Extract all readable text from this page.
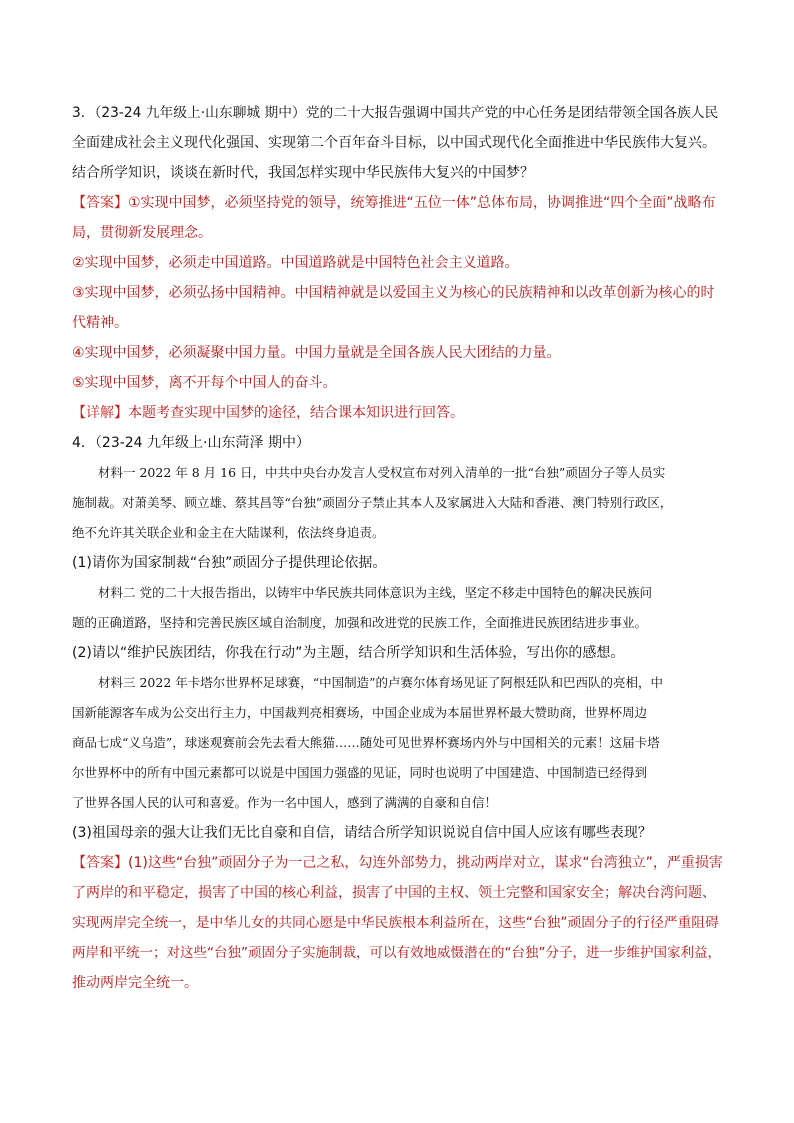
3．（23-24 九年级上·山东聊城 期中）党的二十大报告强调中国共产党的中心任务是团结带领全国各族人民

全面建成社会主义现代化强国、实现第二个百年奋斗目标，以中国式现代化全面推进中华民族伟大复兴。

结合所学知识，谈谈在新时代，我国怎样实现中华民族伟大复兴的中国梦？

【答案】①实现中国梦，必须坚持党的领导，统筹推进“五位一体”总体布局，协调推进“四个全面”战略布

局，贯彻新发展理念。

②实现中国梦，必须走中国道路。中国道路就是中国特色社会主义道路。

③实现中国梦，必须弘扬中国精神。中国精神就是以爱国主义为核心的民族精神和以改革创新为核心的时

代精神。

④实现中国梦，必须凝聚中国力量。中国力量就是全国各族人民大团结的力量。

⑤实现中国梦，离不开每个中国人的奋斗。

【详解】本题考查实现中国梦的途径，结合课本知识进行回答。

4．（23-24 九年级上·山东菏泽 期中）

材料一 2022 年 8 月 16 日，中共中央台办发言人受权宣布对列入清单的一批“台独”顽固分子等人员实

施制裁。对萧美琴、顾立雄、蔡其昌等“台独”顽固分子禁止其本人及家属进入大陆和香港、澳门特别行政区，

绝不允许其关联企业和金主在大陆谋利，依法终身追责。

(1)请你为国家制裁“台独”顽固分子提供理论依据。

材料二 党的二十大报告指出，以铸牢中华民族共同体意识为主线，坚定不移走中国特色的解决民族问

题的正确道路，坚持和完善民族区域自治制度，加强和改进党的民族工作，全面推进民族团结进步事业。

(2)请以“维护民族团结，你我在行动”为主题，结合所学知识和生活体验，写出你的感想。

材料三 2022 年卡塔尔世界杯足球赛，“中国制造”的卢赛尔体育场见证了阿根廷队和巴西队的亮相，中

国新能源客车成为公交出行主力，中国裁判亮相赛场，中国企业成为本届世界杯最大赞助商，世界杯周边

商品七成“义乌造”，球迷观赛前会先去看大熊猫……随处可见世界杯赛场内外与中国相关的元素！这届卡塔

尔世界杯中的所有中国元素都可以说是中国国力强盛的见证，同时也说明了中国建造、中国制造已经得到

了世界各国人民的认可和喜爱。作为一名中国人，感到了满满的自豪和自信！

(3)祖国母亲的强大让我们无比自豪和自信，请结合所学知识说说自信中国人应该有哪些表现？

【答案】(1)这些“台独”顽固分子为一己之私，勾连外部势力，挑动两岸对立，谋求“台湾独立”，严重损害

了两岸的和平稳定，损害了中国的核心利益，损害了中国的主权、领土完整和国家安全；解决台湾问题、

实现两岸完全统一，是中华儿女的共同心愿是中华民族根本利益所在，这些“台独”顽固分子的行径严重阻碍

两岸和平统一；对这些“台独”顽固分子实施制裁，可以有效地威慑潜在的“台独”分子，进一步维护国家利益，

推动两岸完全统一。
